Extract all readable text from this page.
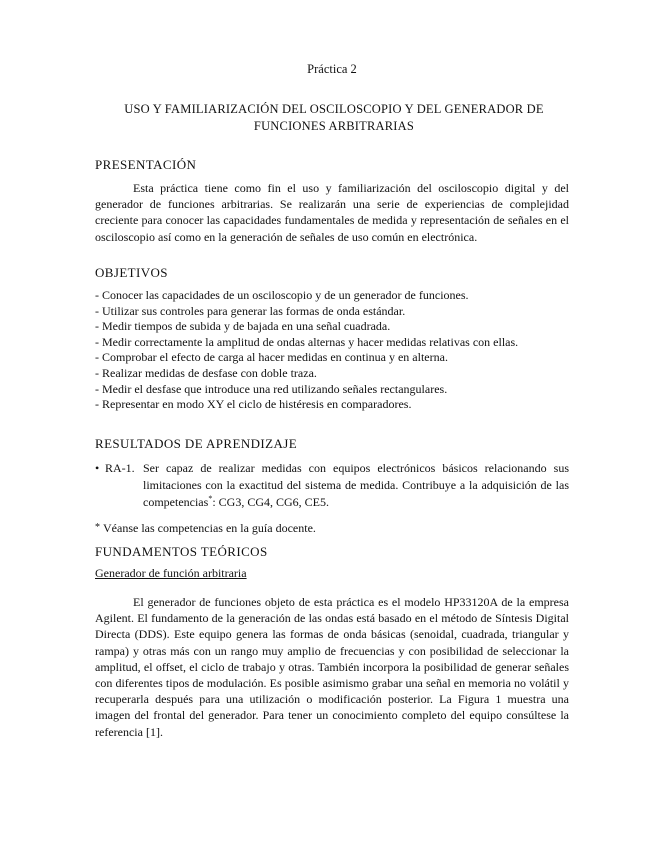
Práctica 2
USO Y FAMILIARIZACIÓN DEL OSCILOSCOPIO Y DEL GENERADOR DE
FUNCIONES ARBITRARIAS
PRESENTACIÓN

Esta práctica tiene como fin el uso y familiarización del osciloscopio digital y del generador de funciones arbitrarias. Se realizarán una serie de experiencias de complejidad creciente para conocer las capacidades fundamentales de medida y representación de señales en el osciloscopio así como en la generación de señales de uso común en electrónica.

OBJETIVOS
- Conocer las capacidades de un osciloscopio y de un generador de funciones.
- Utilizar sus controles para generar las formas de onda estándar.
- Medir tiempos de subida y de bajada en una señal cuadrada.
- Medir correctamente la amplitud de ondas alternas y hacer medidas relativas con ellas.
- Comprobar el efecto de carga al hacer medidas en continua y en alterna.
- Realizar medidas de desfase con doble traza.
- Medir el desfase que introduce una red utilizando señales rectangulares.
- Representar en modo XY el ciclo de histéresis en comparadores.
RESULTADOS DE APRENDIZAJE
• RA-1. Ser capaz de realizar medidas con equipos electrónicos básicos relacionando sus limitaciones con la exactitud del sistema de medida. Contribuye a la adquisición de las competencias*: CG3, CG4, CG6, CE5.

* Véanse las competencias en la guía docente.
FUNDAMENTOS TEÓRICOS
Generador de función arbitraria

El generador de funciones objeto de esta práctica es el modelo HP33120A de la empresa Agilent. El fundamento de la generación de las ondas está basado en el método de Síntesis Digital Directa (DDS). Este equipo genera las formas de onda básicas (senoidal, cuadrada, triangular y rampa) y otras más con un rango muy amplio de frecuencias y con posibilidad de seleccionar la amplitud, el offset, el ciclo de trabajo y otras. También incorpora la posibilidad de generar señales con diferentes tipos de modulación. Es posible asimismo grabar una señal en memoria no volátil y recuperarla después para una utilización o modificación posterior. La Figura 1 muestra una imagen del frontal del generador. Para tener un conocimiento completo del equipo consúltese la referencia [1].
